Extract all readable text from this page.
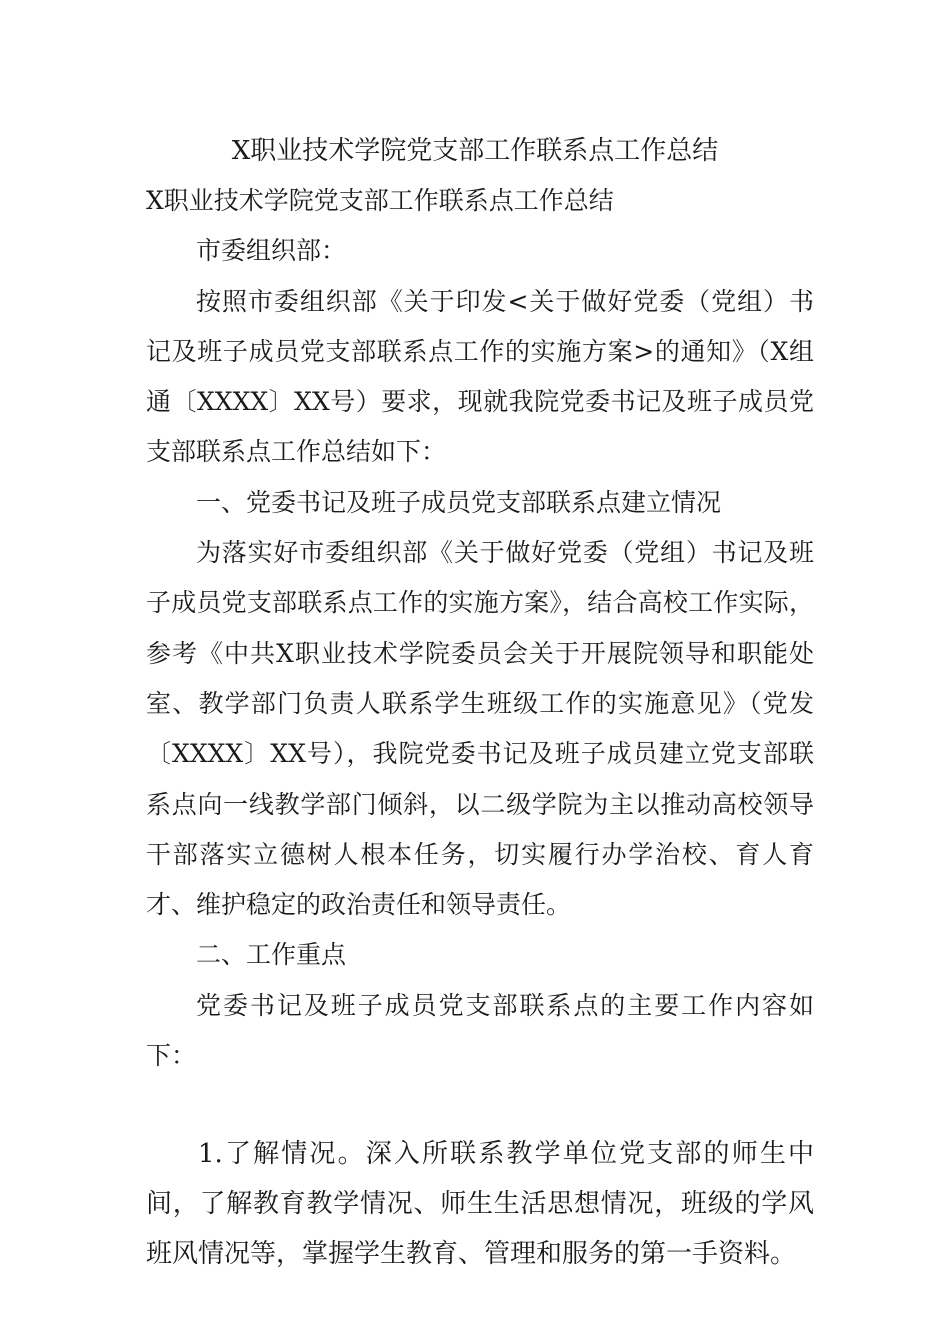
X职业技术学院党支部工作联系点工作总结

X职业技术学院党支部工作联系点工作总结

市委组织部：

按照市委组织部《关于印发<关于做好党委（党组）书记及班子成员党支部联系点工作的实施方案>的通知》（X组通〔XXXX〕XX号）要求，现就我院党委书记及班子成员党支部联系点工作总结如下：

一、党委书记及班子成员党支部联系点建立情况

为落实好市委组织部《关于做好党委（党组）书记及班子成员党支部联系点工作的实施方案》，结合高校工作实际，参考《中共X职业技术学院委员会关于开展院领导和职能处室、教学部门负责人联系学生班级工作的实施意见》（党发〔XXXX〕XX号），我院党委书记及班子成员建立党支部联系点向一线教学部门倾斜，以二级学院为主以推动高校领导干部落实立德树人根本任务，切实履行办学治校、育人育才、维护稳定的政治责任和领导责任。

二、工作重点

党委书记及班子成员党支部联系点的主要工作内容如下：

1.了解情况。深入所联系教学单位党支部的师生中间，了解教育教学情况、师生生活思想情况，班级的学风班风情况等，掌握学生教育、管理和服务的第一手资料。
